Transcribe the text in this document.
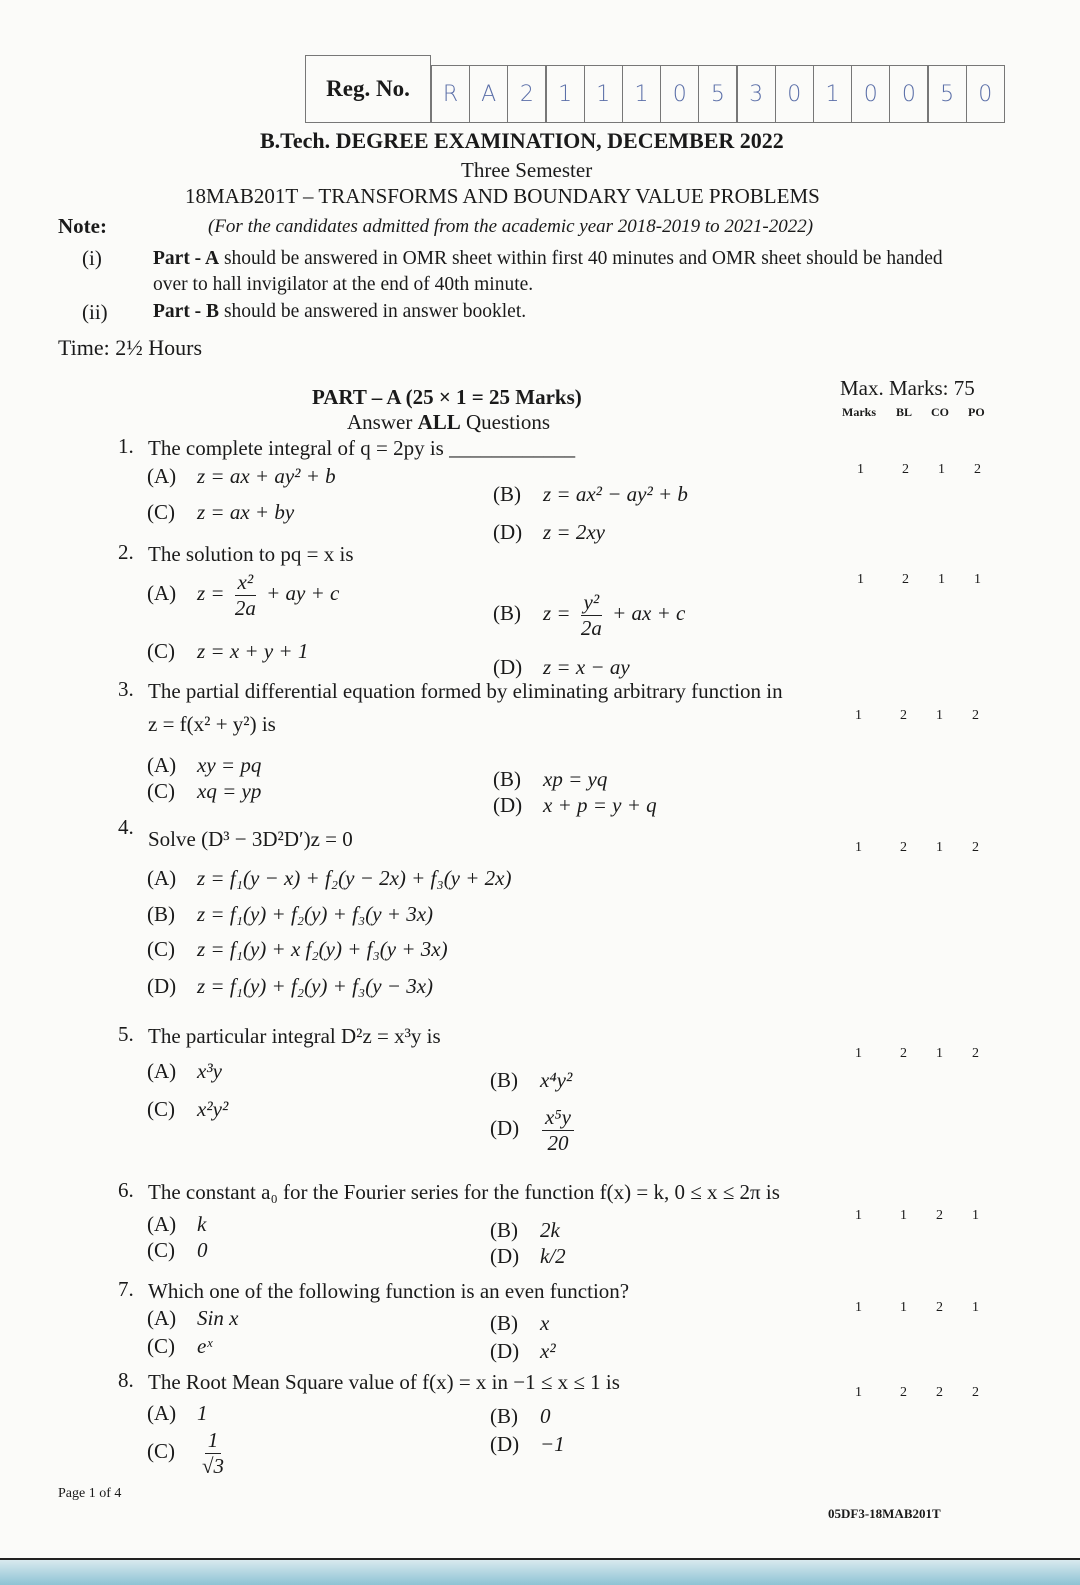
Reg. No.	R	A	2	1	1	1	0	5	3	0	1	0	0	5	0
B.Tech. DEGREE EXAMINATION, DECEMBER 2022
Three Semester
18MAB201T – TRANSFORMS AND BOUNDARY VALUE PROBLEMS
(For the candidates admitted from the academic year 2018-2019 to 2021-2022)
Note:
(i)	Part - A should be answered in OMR sheet within first 40 minutes and OMR sheet should be handed
over to hall invigilator at the end of 40th minute.
(ii) Part - B should be answered in answer booklet.
Time: 2½ Hours
Max. Marks: 75
Marks BL CO PO
PART – A (25 × 1 = 25 Marks)
Answer ALL Questions
1. The complete integral of q = 2py is ____________
1	2 1 2
(A) z = ax + ay² + b
(B) z = ax² − ay² + b
(C) z = ax + by
(D) z = 2xy
2. The solution to pq = x is
1	2 1 1
(A) $z = \frac{\text{x²}}{2a}$ + ay + c
(B) $z = \frac{\text{y²}}{2a}$ + ax + c
(C) z = x + y + 1
(D) z = x − ay
3. The partial differential equation formed by eliminating arbitrary function in
z = f(x² + y²) is	1	2 1 2
(A) xy = pq
(B) xp = yq
(C) xq = yp
(D) x + p = y + q
4. Solve (D³ − 3D²D′)z = 0	1	2 1 2
(A) z = f₁(y − x) + f₂(y − 2x) + f₃(y + 2x)
(B) z = f₁(y) + f₂(y) + f₃(y + 3x)
(C) z = f₁(y) + x f₂(y) + f₃(y + 3x)
(D) z = f₁(y) + f₂(y) + f₃(y − 3x)
5. The particular integral D²z = x³y is
1	2 1 2
(A) x³y	(B) x⁴y²
(C) x²y²
$(D) \frac{\text{x⁵y}}{20}$
6. The constant a₀ for the Fourier series for the function f(x) = k, 0 ≤ x ≤ 2π is
1	1 2 1
(A) k	(B) 2k
(C) 0	(D) k/2
7. Which one of the following function is an even function?
1	1 2 1
(A) Sin x	(B) x
(C) eˣ	(D) x²
8. The Root Mean Square value of f(x) = x in −1 ≤ x ≤ 1 is	1	2 2 2
(A) 1	(B) 0
$(C) \frac{1}{√3}$	(D) −1
Page 1 of 4
05DF3-18MAB201T
